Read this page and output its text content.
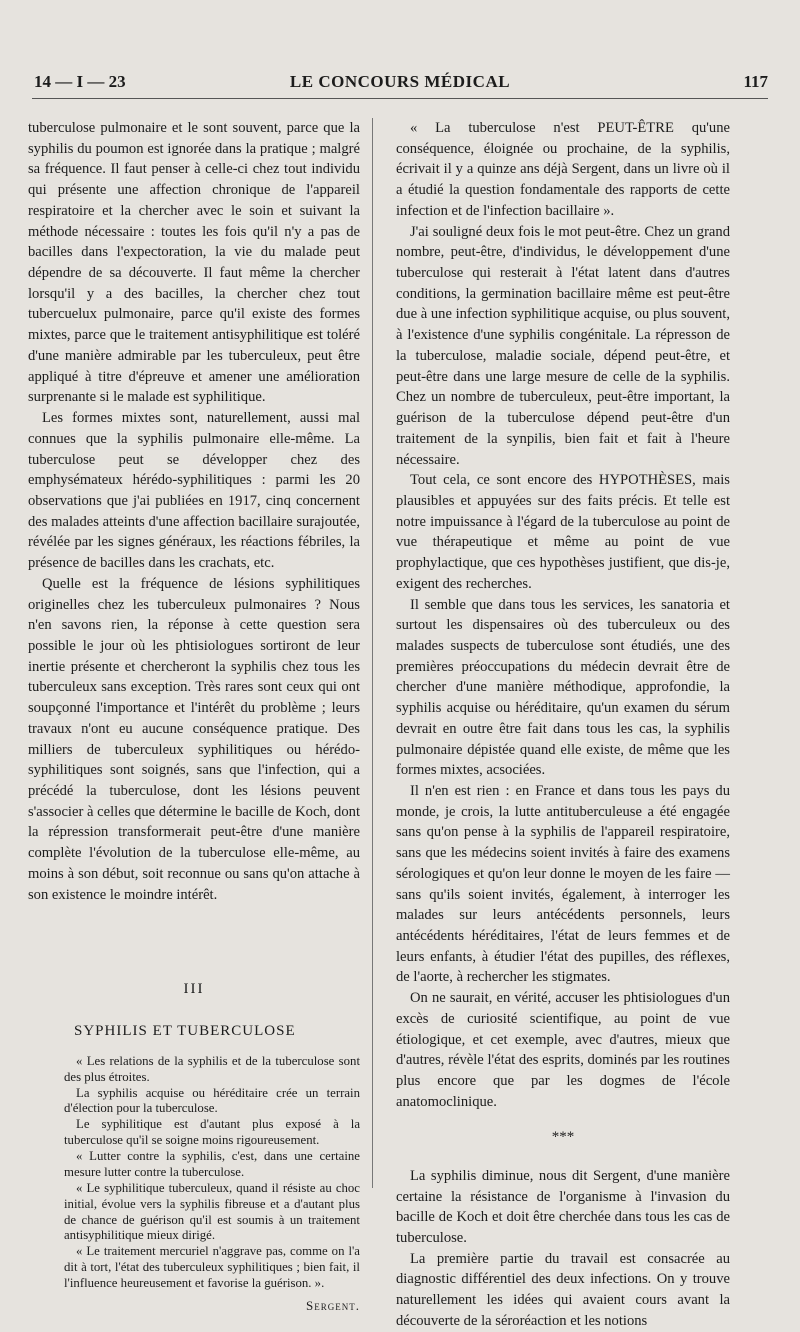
14 — I — 23	LE CONCOURS MÉDICAL	117

tuberculose pulmonaire et le sont souvent, parce que la syphilis du poumon est ignorée dans la pratique ; malgré sa fréquence. Il faut penser à celle-ci chez tout individu qui présente une affection chronique de l'appareil respiratoire et la chercher avec le soin et suivant la méthode nécessaire : toutes les fois qu'il n'y a pas de bacilles dans l'expectoration, la vie du malade peut dépendre de sa découverte. Il faut même la chercher lorsqu'il y a des bacilles, la chercher chez tout tubercuelux pulmonaire, parce qu'il existe des formes mixtes, parce que le traitement antisyphilitique est toléré d'une manière admirable par les tuberculeux, peut être appliqué à titre d'épreuve et amener une amélioration surprenante si le malade est syphilitique.

Les formes mixtes sont, naturellement, aussi mal connues que la syphilis pulmonaire elle-même. La tuberculose peut se développer chez des emphysémateux hérédo-syphilitiques : parmi les 20 observations que j'ai publiées en 1917, cinq concernent des malades atteints d'une affection bacillaire surajoutée, révélée par les signes généraux, les réactions fébriles, la présence de bacilles dans les crachats, etc.

Quelle est la fréquence de lésions syphilitiques originelles chez les tuberculeux pulmonaires ? Nous n'en savons rien, la réponse à cette question sera possible le jour où les phtisiologues sortiront de leur inertie présente et chercheront la syphilis chez tous les tuberculeux sans exception. Très rares sont ceux qui ont soupçonné l'importance et l'intérêt du problème ; leurs travaux n'ont eu aucune conséquence pratique. Des milliers de tuberculeux syphilitiques ou hérédo-syphilitiques sont soignés, sans que l'infection, qui a précédé la tuberculose, dont les lésions peuvent s'associer à celles que détermine le bacille de Koch, dont la répression transformerait peut-être d'une manière complète l'évolution de la tuberculose elle-même, au moins à son début, soit reconnue ou sans qu'on attache à son existence le moindre intérêt.

III
SYPHILIS ET TUBERCULOSE

« Les relations de la syphilis et de la tuberculose sont des plus étroites.

La syphilis acquise ou héréditaire crée un terrain d'élection pour la tuberculose.

Le syphilitique est d'autant plus exposé à la tuberculose qu'il se soigne moins rigoureusement.

« Lutter contre la syphilis, c'est, dans une certaine mesure lutter contre la tuberculose.

« Le syphilitique tuberculeux, quand il résiste au choc initial, évolue vers la syphilis fibreuse et a d'autant plus de chance de guérison qu'il est soumis à un traitement antisyphilitique mieux dirigé.

« Le traitement mercuriel n'aggrave pas, comme on l'a dit à tort, l'état des tuberculeux syphilitiques ; bien fait, il l'influence heureusement et favorise la guérison. ».

Sergent.

« La tuberculose n'est PEUT-ÊTRE qu'une conséquence, éloignée ou prochaine, de la syphilis, écrivait il y a quinze ans déjà Sergent, dans un livre où il a étudié la question fondamentale des rapports de cette infection et de l'infection bacillaire ».

J'ai souligné deux fois le mot peut-être. Chez un grand nombre, peut-être, d'individus, le développement d'une tuberculose qui resterait à l'état latent dans d'autres conditions, la germination bacillaire même est peut-être due à une infection syphilitique acquise, ou plus souvent, à l'existence d'une syphilis congénitale. La répresson de la tuberculose, maladie sociale, dépend peut-être, et peut-être dans une large mesure de celle de la syphilis. Chez un nombre de tuberculeux, peut-être important, la guérison de la tuberculose dépend peut-être d'un traitement de la synpilis, bien fait et fait à l'heure nécessaire.

Tout cela, ce sont encore des HYPOTHÈSES, mais plausibles et appuyées sur des faits précis. Et telle est notre impuissance à l'égard de la tuberculose au point de vue thérapeutique et même au point de vue prophylactique, que ces hypothèses justifient, que dis-je, exigent des recherches.

Il semble que dans tous les services, les sanatoria et surtout les dispensaires où des tuberculeux ou des malades suspects de tuberculose sont étudiés, une des premières préoccupations du médecin devrait être de chercher d'une manière méthodique, approfondie, la syphilis acquise ou héréditaire, qu'un examen du sérum devrait en outre être fait dans tous les cas, la syphilis pulmonaire dépistée quand elle existe, de même que les formes mixtes, acsociées.

Il n'en est rien : en France et dans tous les pays du monde, je crois, la lutte antituberculeuse a été engagée sans qu'on pense à la syphilis de l'appareil respiratoire, sans que les médecins soient invités à faire des examens sérologiques et qu'on leur donne le moyen de les faire — sans qu'ils soient invités, également, à interroger les malades sur leurs antécédents personnels, leurs antécédents héréditaires, l'état de leurs femmes et de leurs enfants, à étudier l'état des pupilles, des réflexes, de l'aorte, à rechercher les stigmates.

On ne saurait, en vérité, accuser les phtisiologues d'un excès de curiosité scientifique, au point de vue étiologique, et cet exemple, avec d'autres, mieux que d'autres, révèle l'état des esprits, dominés par les routines plus encore que par les dogmes de l'école anatomoclinique.

***

La syphilis diminue, nous dit Sergent, d'une manière certaine la résistance de l'organisme à l'invasion du bacille de Koch et doit être cherchée dans tous les cas de tuberculose.

La première partie du travail est consacrée au diagnostic différentiel des deux infections. On y trouve naturellement les idées qui avaient cours avant la découverte de la séroréaction et les notions
